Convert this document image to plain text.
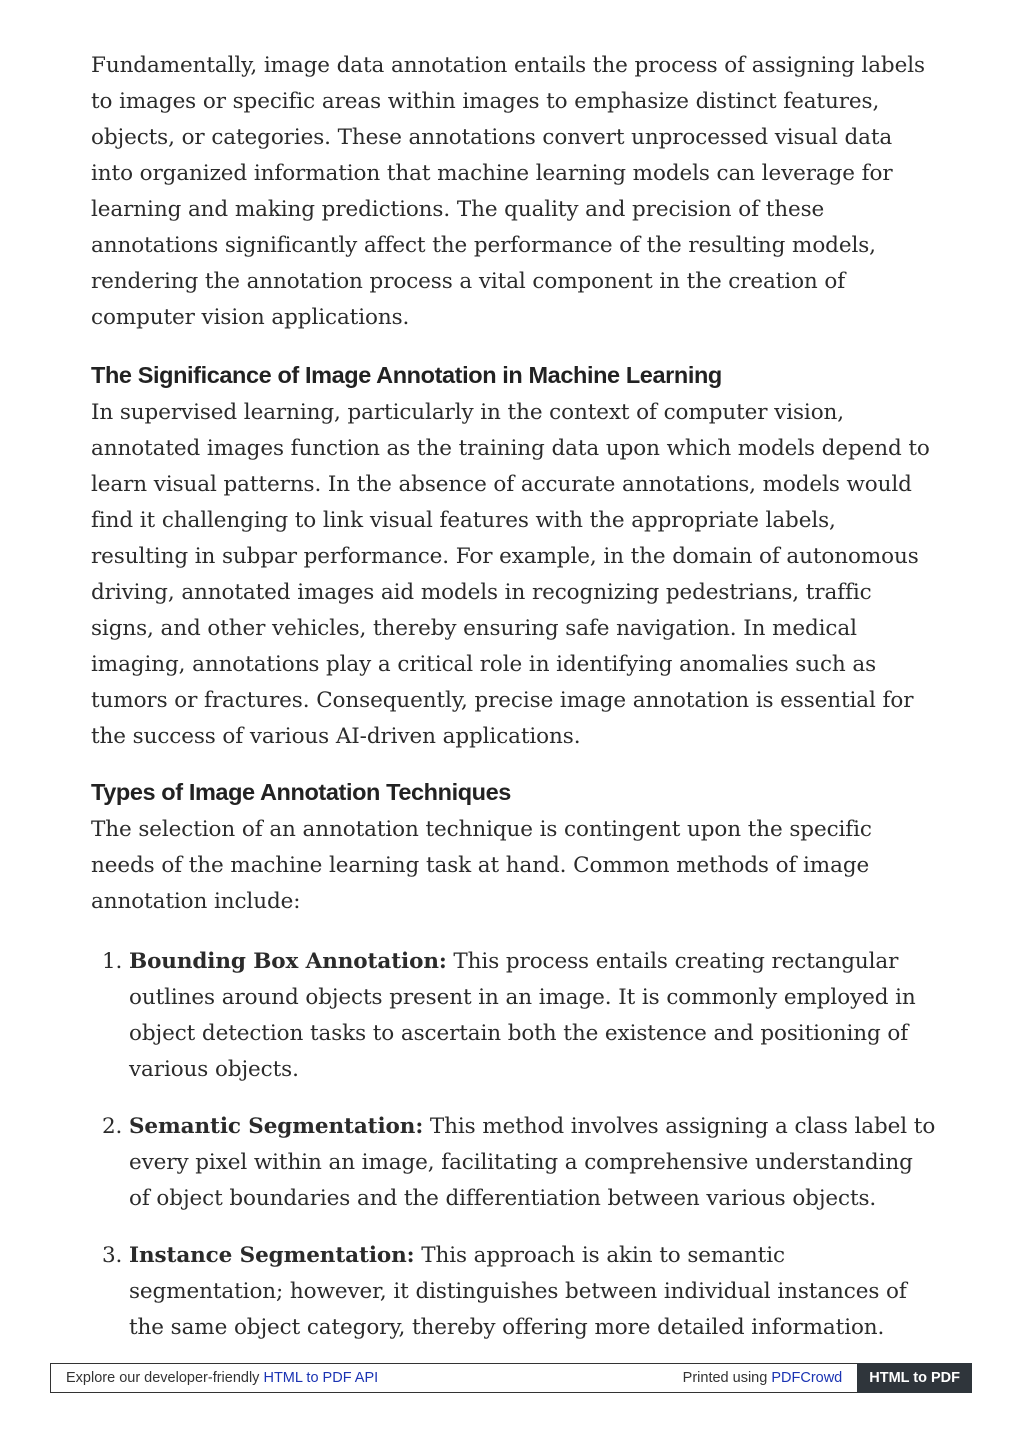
Fundamentally, image data annotation entails the process of assigning labels to images or specific areas within images to emphasize distinct features, objects, or categories. These annotations convert unprocessed visual data into organized information that machine learning models can leverage for learning and making predictions. The quality and precision of these annotations significantly affect the performance of the resulting models, rendering the annotation process a vital component in the creation of computer vision applications.

The Significance of Image Annotation in Machine Learning

In supervised learning, particularly in the context of computer vision, annotated images function as the training data upon which models depend to learn visual patterns. In the absence of accurate annotations, models would find it challenging to link visual features with the appropriate labels, resulting in subpar performance. For example, in the domain of autonomous driving, annotated images aid models in recognizing pedestrians, traffic signs, and other vehicles, thereby ensuring safe navigation. In medical imaging, annotations play a critical role in identifying anomalies such as tumors or fractures. Consequently, precise image annotation is essential for the success of various AI-driven applications.

Types of Image Annotation Techniques

The selection of an annotation technique is contingent upon the specific needs of the machine learning task at hand. Common methods of image annotation include:

1. Bounding Box Annotation: This process entails creating rectangular outlines around objects present in an image. It is commonly employed in object detection tasks to ascertain both the existence and positioning of various objects.
2. Semantic Segmentation: This method involves assigning a class label to every pixel within an image, facilitating a comprehensive understanding of object boundaries and the differentiation between various objects.
3. Instance Segmentation: This approach is akin to semantic segmentation; however, it distinguishes between individual instances of the same object category, thereby offering more detailed information.
Explore our developer-friendly HTML to PDF API	Printed using PDFCrowd	HTML to PDF
